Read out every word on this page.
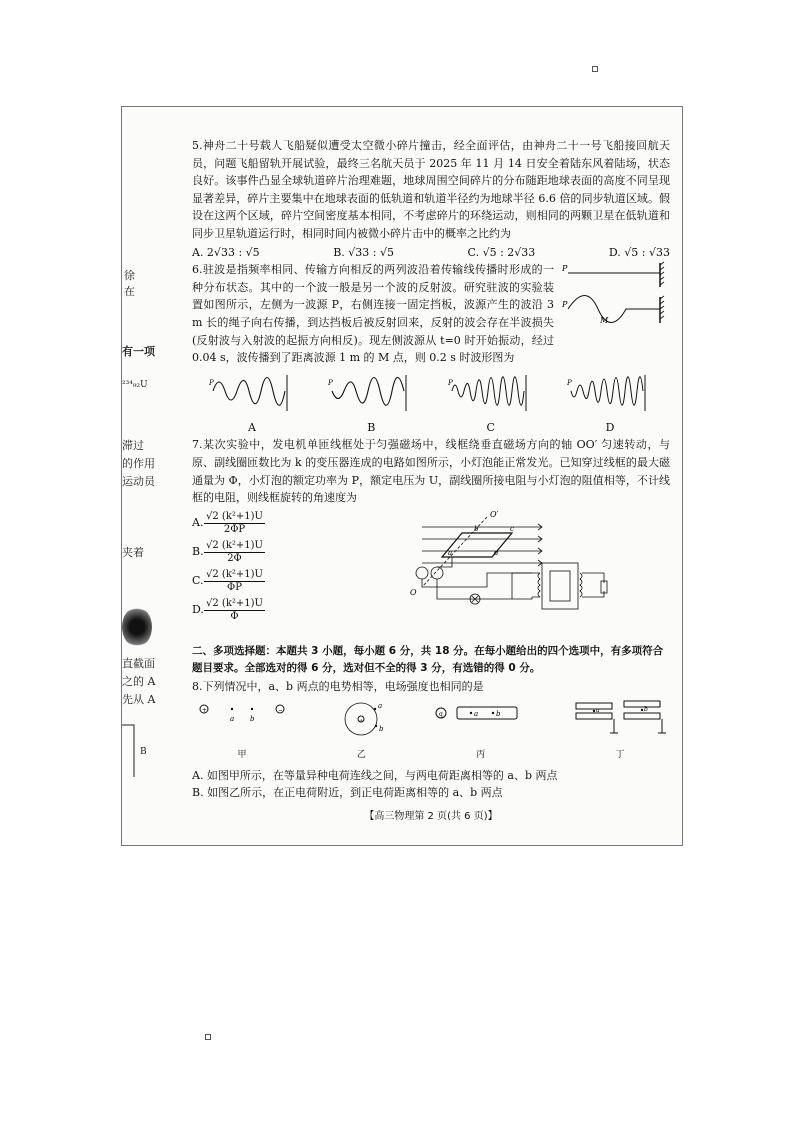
徐
在
有一项
²³⁴₉₂U
滞过
的作用
运动员
夹着
直截面
之的 A
先从 A
B

5.神舟二十号载人飞船疑似遭受太空微小碎片撞击，经全面评估，由神舟二十一号飞船接回航天员，问题飞船留轨开展试验，最终三名航天员于 2025 年 11 月 14 日安全着陆东风着陆场，状态良好。该事件凸显全球轨道碎片治理难题，地球周围空间碎片的分布随距地球表面的高度不同呈现显著差异，碎片主要集中在地球表面的低轨道和轨道半径约为地球半径 6.6 倍的同步轨道区域。假设在这两个区域，碎片空间密度基本相同，不考虑碎片的环绕运动，则相同的两颗卫星在低轨道和同步卫星轨道运行时，相同时间内被微小碎片击中的概率之比约为

A. 2√33 : √5	B. √33 : √5	C. √5 : 2√33	D. √5 : √33

6.驻波是指频率相同、传输方向相反的两列波沿着传输线传播时形成的一种分布状态。其中的一个波一般是另一个波的反射波。研究驻波的实验装置如图所示，左侧为一波源 P，右侧连接一固定挡板，波源产生的波沿 3 m 长的绳子向右传播，到达挡板后被反射回来，反射的波会存在半波损失(反射波与入射波的起振方向相反)。现左侧波源从 t=0 时开始振动，经过 0.04 s，波传播到了距离波源 1 m 的 M 点，则 0.2 s 时波形图为

P
P
M
P
A
P
B
P
C
P
D

7.某次实验中，发电机单匝线框处于匀强磁场中，线框绕垂直磁场方向的轴 OO′ 匀速转动，与原、副线圈匝数比为 k 的变压器连成的电路如图所示，小灯泡能正常发光。已知穿过线框的最大磁通量为 Φ，小灯泡的额定功率为 P，额定电压为 U，副线圈所接电阻与小灯泡的阻值相等，不计线框的电阻，则线框旋转的角速度为

A. $\frac{\text{√2 (k²+1)U}}{2\Phi P}$
B. $\frac{\text{√2 (k²+1)U}}{2\Phi}$
C. $\frac{\text{√2 (k²+1)U}}{\Phi P}$
D. $\frac{\text{√2 (k²+1)U}}{\Phi}$
O′
b	c
a	d
O
二、多项选择题：本题共 3 小题，每小题 6 分，共 18 分。在每小题给出的四个选项中，有多项符合题目要求。全部选对的得 6 分，选对但不全的得 3 分，有选错的得 0 分。

8.下列情况中，a、b 两点的电势相等，电场强度也相同的是

+	−
a b
甲
+
a
b
乙
q	a	b
丙
a	b
丁

A. 如图甲所示，在等量异种电荷连线之间，与两电荷距离相等的 a、b 两点

B. 如图乙所示，在正电荷附近，到正电荷距离相等的 a、b 两点

【高三物理第 2 页(共 6 页)】
